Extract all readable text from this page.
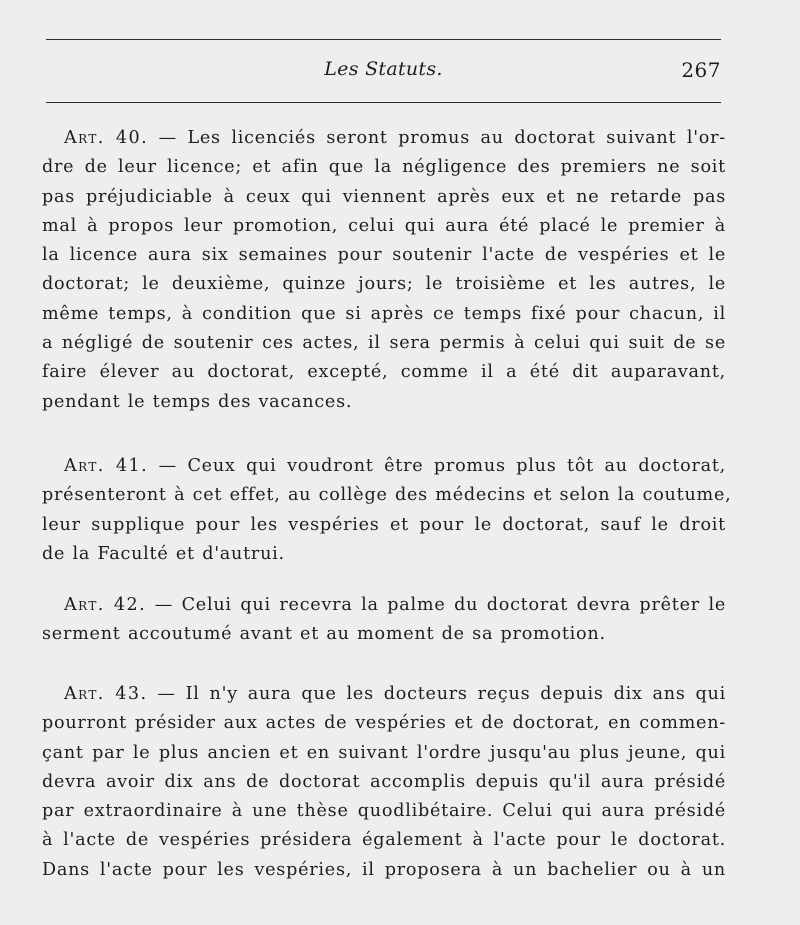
Les Statuts.	267
Art. 40. — Les licenciés seront promus au doctorat suivant l'or-
dre de leur licence; et afin que la négligence des premiers ne soit
pas préjudiciable à ceux qui viennent après eux et ne retarde pas
mal à propos leur promotion, celui qui aura été placé le premier à
la licence aura six semaines pour soutenir l'acte de vespéries et le
doctorat; le deuxième, quinze jours; le troisième et les autres, le
même temps, à condition que si après ce temps fixé pour chacun, il
a négligé de soutenir ces actes, il sera permis à celui qui suit de se
faire élever au doctorat, excepté, comme il a été dit auparavant,
pendant le temps des vacances.
Art. 41. — Ceux qui voudront être promus plus tôt au doctorat,
présenteront à cet effet, au collège des médecins et selon la coutume,
leur supplique pour les vespéries et pour le doctorat, sauf le droit
de la Faculté et d'autrui.
Art. 42. — Celui qui recevra la palme du doctorat devra prêter le
serment accoutumé avant et au moment de sa promotion.
Art. 43. — Il n'y aura que les docteurs reçus depuis dix ans qui
pourront présider aux actes de vespéries et de doctorat, en commen-
çant par le plus ancien et en suivant l'ordre jusqu'au plus jeune, qui
devra avoir dix ans de doctorat accomplis depuis qu'il aura présidé
par extraordinaire à une thèse quodlibétaire. Celui qui aura présidé
à l'acte de vespéries présidera également à l'acte pour le doctorat.
Dans l'acte pour les vespéries, il proposera à un bachelier ou à un
